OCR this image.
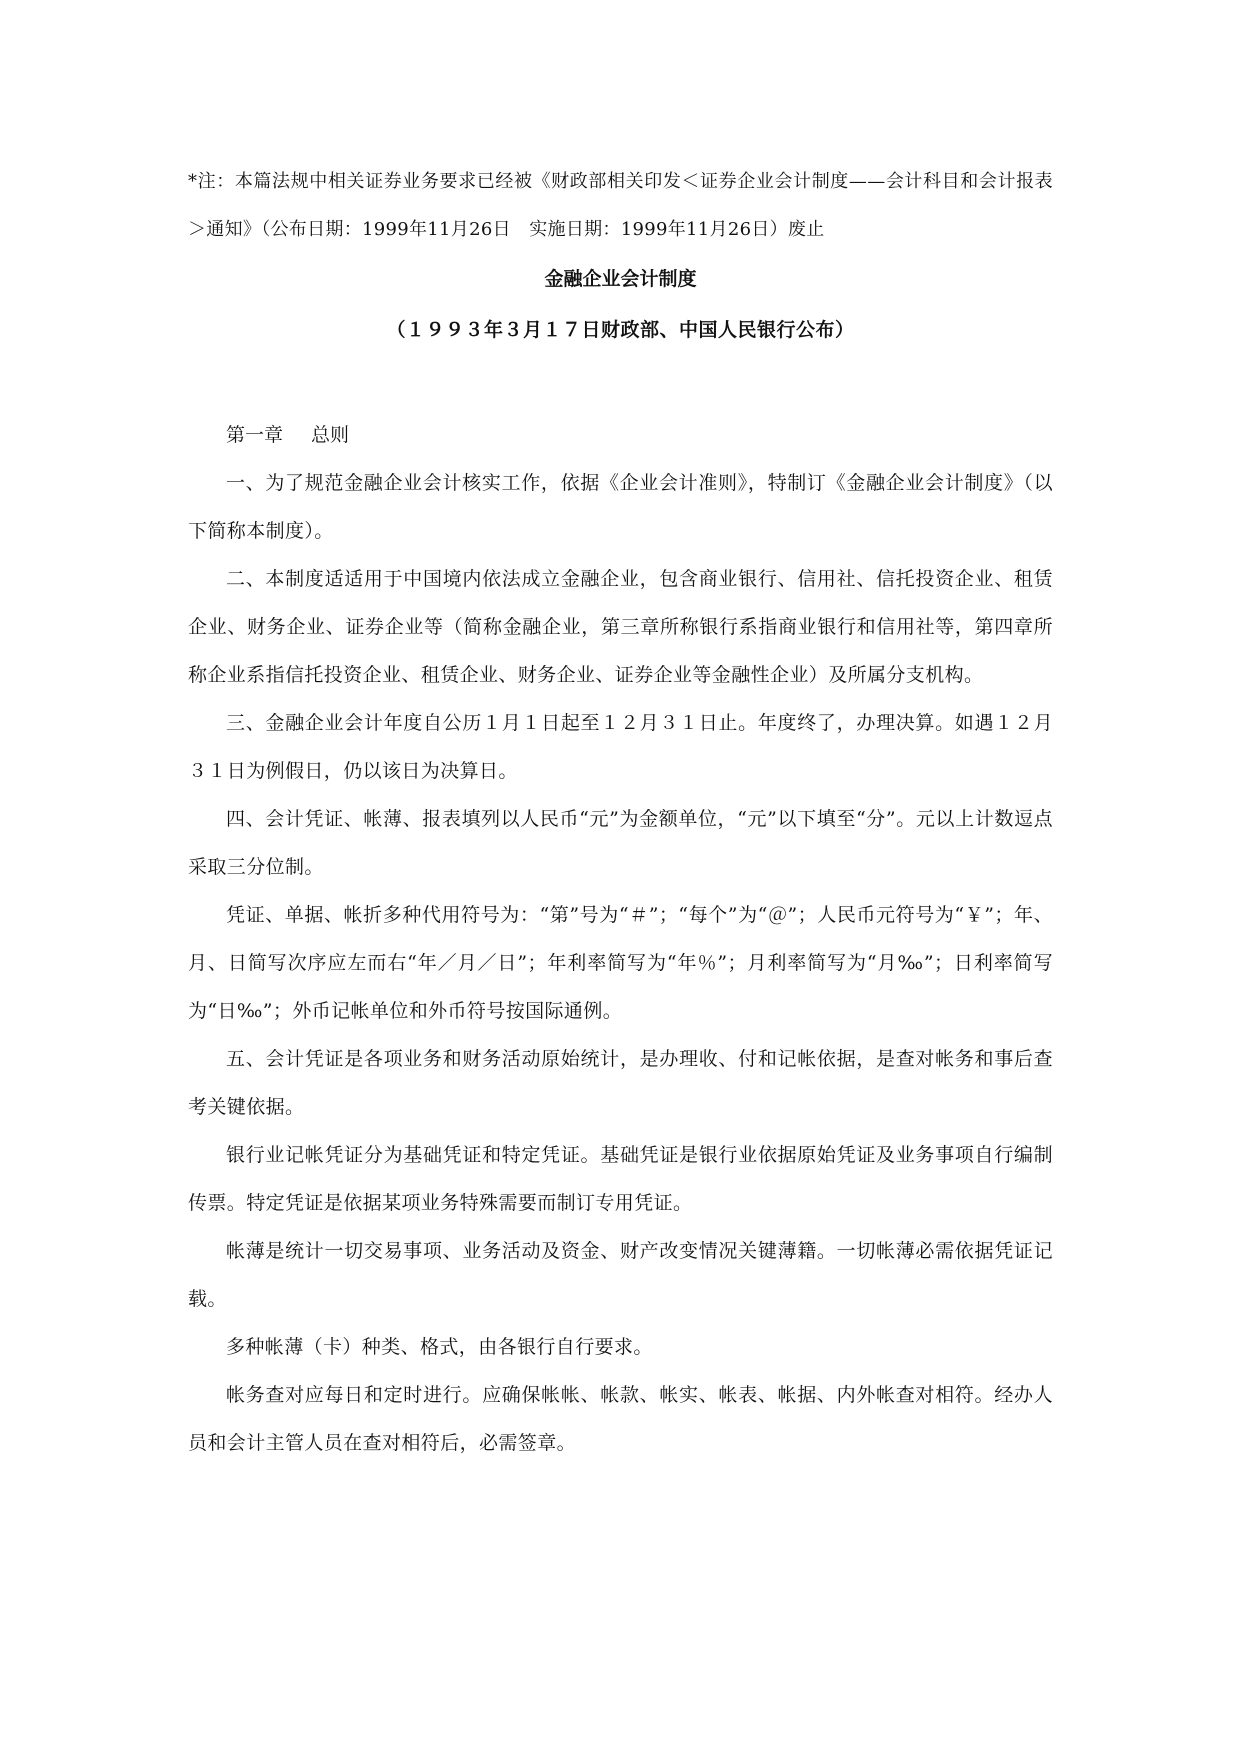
*注：本篇法规中相关证券业务要求已经被《财政部相关印发＜证券企业会计制度——会计科目和会计报表＞通知》（公布日期：1999年11月26日　实施日期：1999年11月26日）废止
金融企业会计制度
（１９９３年３月１７日财政部、中国人民银行公布）

第一章 总则

一、为了规范金融企业会计核实工作，依据《企业会计准则》，特制订《金融企业会计制度》（以下简称本制度）。

二、本制度适适用于中国境内依法成立金融企业，包含商业银行、信用社、信托投资企业、租赁企业、财务企业、证券企业等（简称金融企业，第三章所称银行系指商业银行和信用社等，第四章所称企业系指信托投资企业、租赁企业、财务企业、证券企业等金融性企业）及所属分支机构。

三、金融企业会计年度自公历１月１日起至１２月３１日止。年度终了，办理决算。如遇１２月３１日为例假日，仍以该日为决算日。

四、会计凭证、帐薄、报表填列以人民币“元”为金额单位，“元”以下填至“分”。元以上计数逗点采取三分位制。

凭证、单据、帐折多种代用符号为：“第”号为“＃”；“每个”为“＠”；人民币元符号为“￥”；年、月、日简写次序应左而右“年／月／日”；年利率简写为“年％”；月利率简写为“月‰”；日利率简写为“日‰”；外币记帐单位和外币符号按国际通例。

五、会计凭证是各项业务和财务活动原始统计，是办理收、付和记帐依据，是查对帐务和事后查考关键依据。

银行业记帐凭证分为基础凭证和特定凭证。基础凭证是银行业依据原始凭证及业务事项自行编制传票。特定凭证是依据某项业务特殊需要而制订专用凭证。

帐薄是统计一切交易事项、业务活动及资金、财产改变情况关键薄籍。一切帐薄必需依据凭证记载。

多种帐薄（卡）种类、格式，由各银行自行要求。

帐务查对应每日和定时进行。应确保帐帐、帐款、帐实、帐表、帐据、内外帐查对相符。经办人员和会计主管人员在查对相符后，必需签章。
